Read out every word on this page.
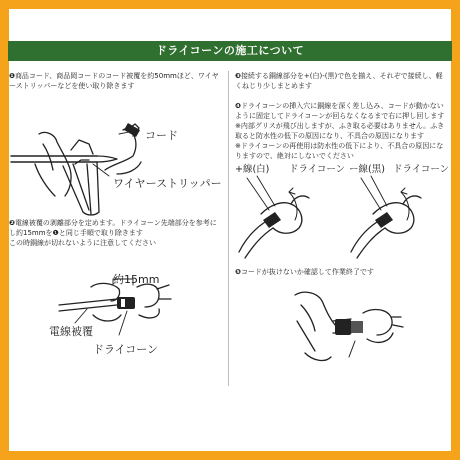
ドライコーンの施工について
❶商品コード、商品岡コードのコード被覆を約50mmほど、ワイヤーストリッパーなどを使い取り除きます
コード
ワイヤーストリッパー
❷電線被覆の剥離部分を定めます。ドライコーン先端部分を参考にし約15mmを❶と同じ手順で取り除きます
この時銅線が切れないように注意してください
約15mm
電線被覆
ドライコーン
❸接続する銅線部分を+(白)-(黒)で色を揃え、それぞで接続し、軽くねじり少しまとめます
❹ドライコーンの挿入穴に銅線を深く差し込み、コードが動かないように固定してドライコーンが回らなくなるまで右に押し回します
※内部グリスが飛び出しますが、ふき取る必要はありません。ふき取ると防水性の低下の原因になり、不具合の原因になります
※ドライコーンの再使用は防水性の低下により、不具合の原因になりますので、絶対にしないでください
+線(白) ドライコーン ー線(黒) ドライコーン
❺コードが抜けないか確認して作業終了です
